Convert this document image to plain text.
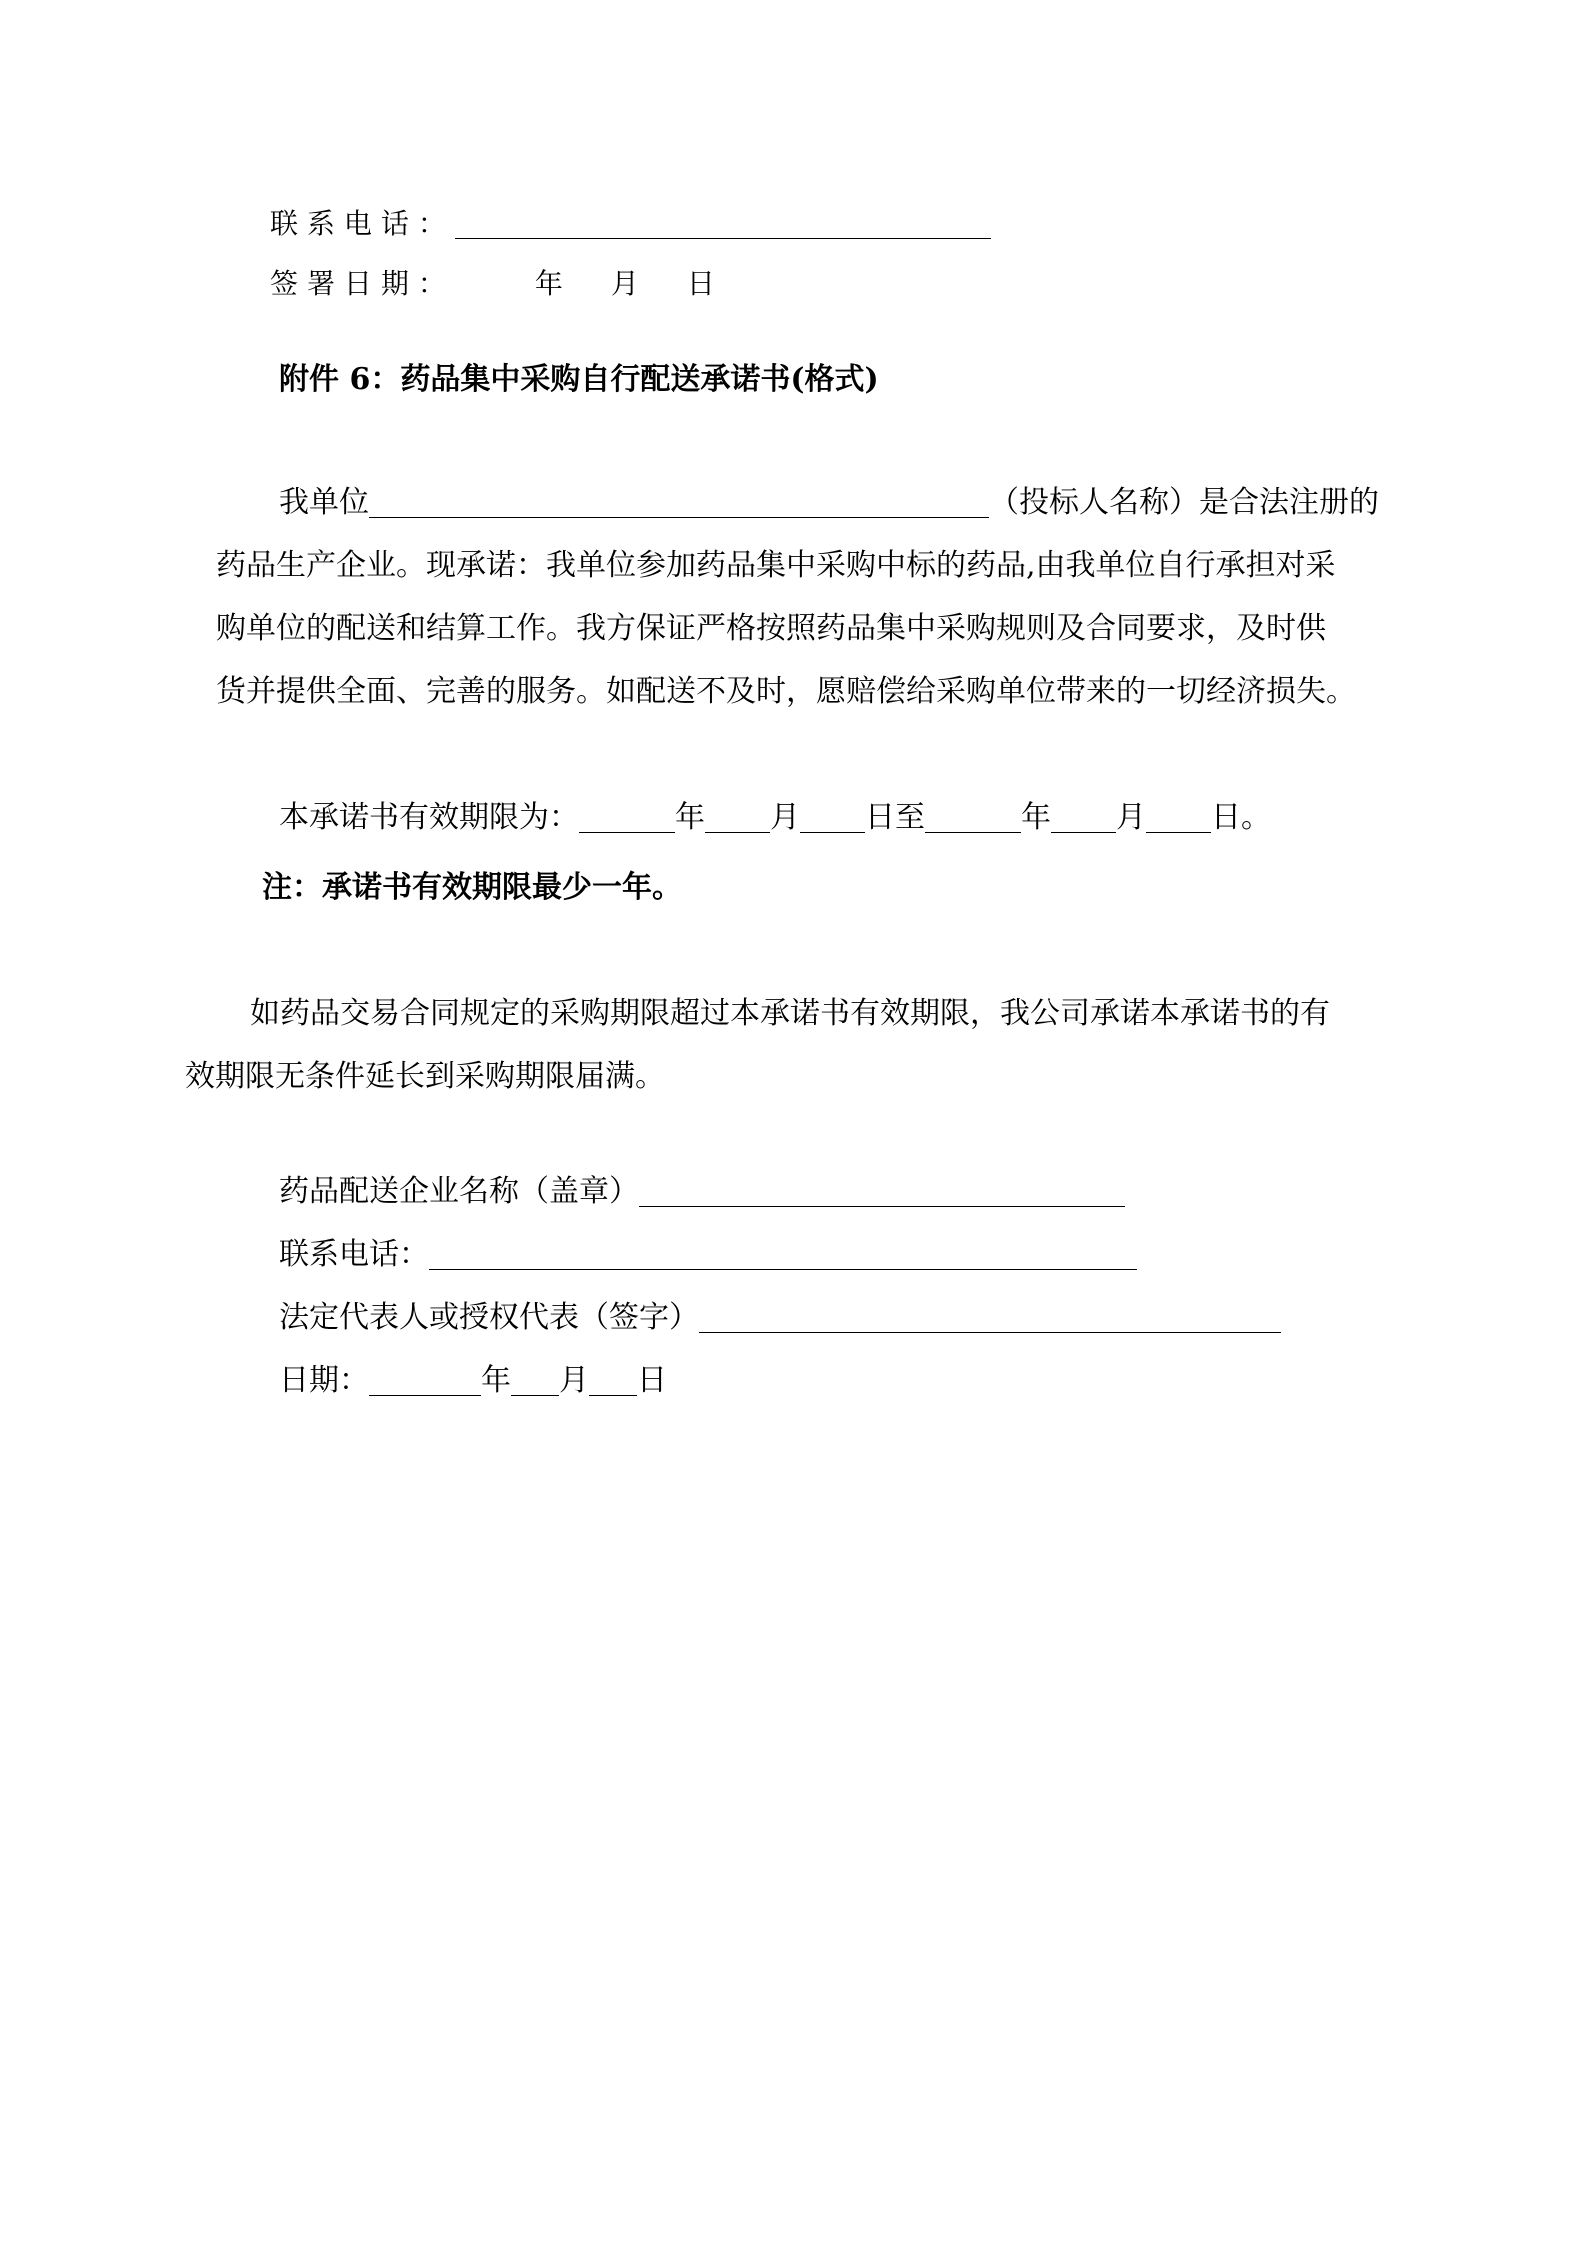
联系电话：
签署日期：	年 月 日
附件 6：药品集中采购自行配送承诺书(格式)
我单位	（投标人名称）是合法注册的
药品生产企业。现承诺：我单位参加药品集中采购中标的药品,由我单位自行承担对采
购单位的配送和结算工作。我方保证严格按照药品集中采购规则及合同要求，及时供
货并提供全面、完善的服务。如配送不及时，愿赔偿给采购单位带来的一切经济损失。
本承诺书有效期限为：	年 月 日至	年 月 日。
注：承诺书有效期限最少一年。
如药品交易合同规定的采购期限超过本承诺书有效期限，我公司承诺本承诺书的有
效期限无条件延长到采购期限届满。
药品配送企业名称（盖章）
联系电话：
法定代表人或授权代表（签字）
日期：	年 月 日
